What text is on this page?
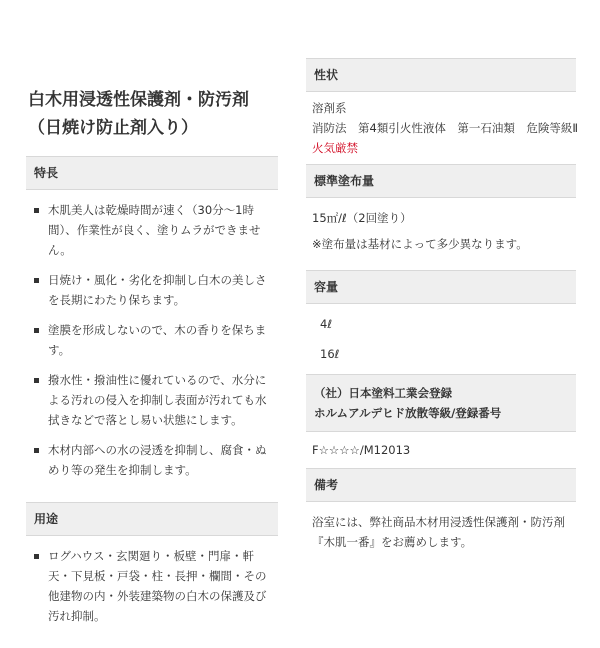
白木用浸透性保護剤・防汚剤（日焼け防止剤入り）
特長
木肌美人は乾燥時間が速く（30分〜1時間）、作業性が良く、塗りムラができません。
日焼け・風化・劣化を抑制し白木の美しさを長期にわたり保ちます。
塗膜を形成しないので、木の香りを保ちます。
撥水性・撥油性に優れているので、水分による汚れの侵入を抑制し表面が汚れても水拭きなどで落とし易い状態にします。
木材内部への水の浸透を抑制し、腐食・ぬめり等の発生を抑制します。
用途
ログハウス・玄関廻り・板壁・門扉・軒天・下見板・戸袋・柱・長押・欄間・その他建物の内・外装建築物の白木の保護及び汚れ抑制。
性状
溶剤系
消防法　第4類引火性液体　第一石油類　危険等級Ⅱ
火気厳禁
標準塗布量
15㎡/ℓ（2回塗り）
※塗布量は基材によって多少異なります。
容量
4ℓ
16ℓ
（社）日本塗料工業会登録
ホルムアルデヒド放散等級/登録番号
F☆☆☆☆/M12013
備考
浴室には、弊社商品木材用浸透性保護剤・防汚剤
『木肌一番』をお薦めします。
